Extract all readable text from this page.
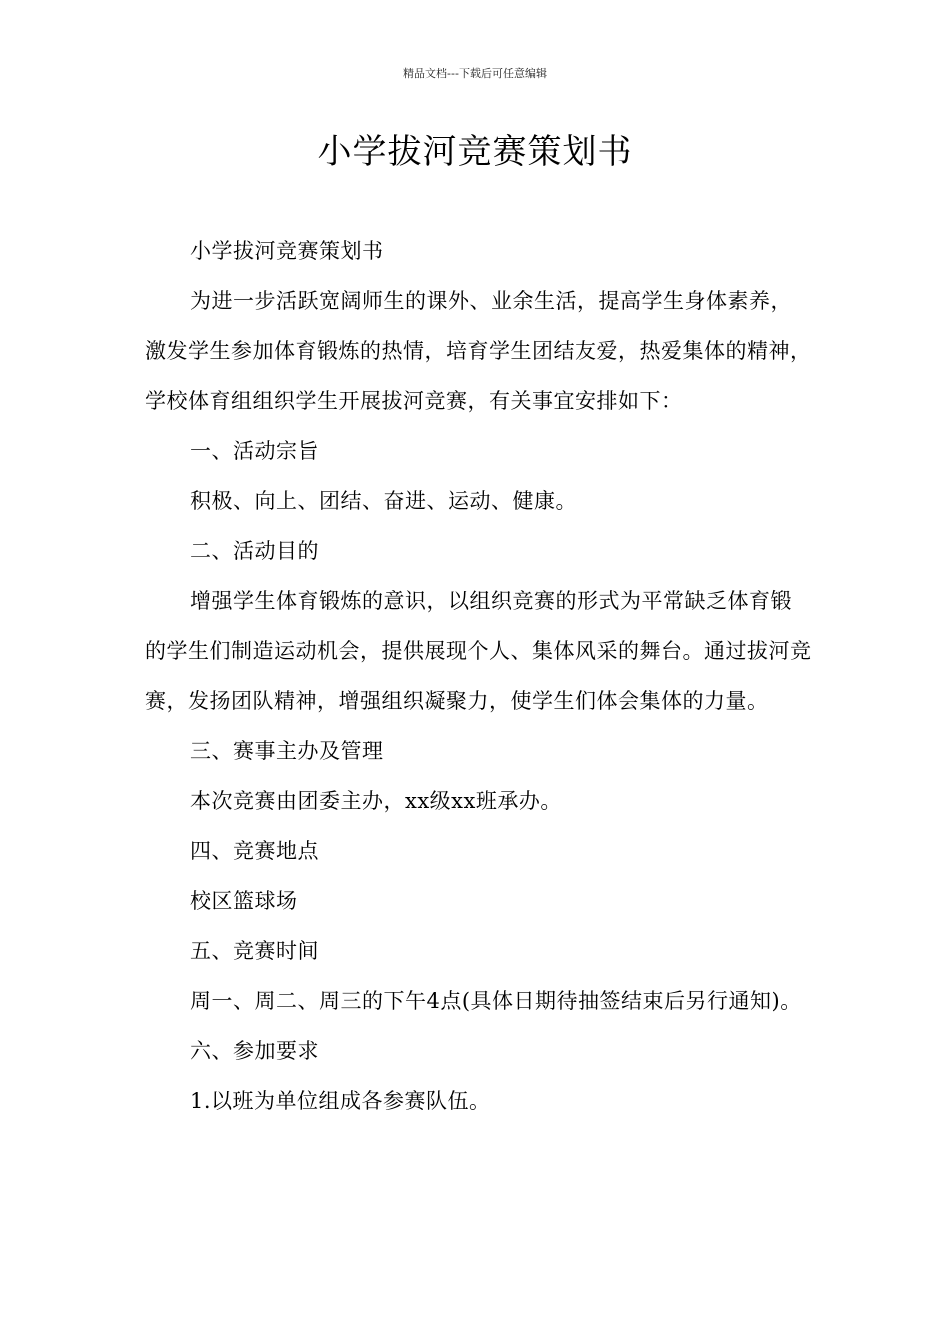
精品文档---下载后可任意编辑
小学拔河竞赛策划书

小学拔河竞赛策划书

为进一步活跃宽阔师生的课外、业余生活，提高学生身体素养，激发学生参加体育锻炼的热情，培育学生团结友爱，热爱集体的精神，学校体育组组织学生开展拔河竞赛，有关事宜安排如下：

一、活动宗旨

积极、向上、团结、奋进、运动、健康。

二、活动目的

增强学生体育锻炼的意识，以组织竞赛的形式为平常缺乏体育锻的学生们制造运动机会，提供展现个人、集体风采的舞台。通过拔河竞赛，发扬团队精神，增强组织凝聚力，使学生们体会集体的力量。

三、赛事主办及管理

本次竞赛由团委主办，xx级xx班承办。

四、竞赛地点

校区篮球场

五、竞赛时间

周一、周二、周三的下午4点(具体日期待抽签结束后另行通知)。

六、参加要求

1.以班为单位组成各参赛队伍。
